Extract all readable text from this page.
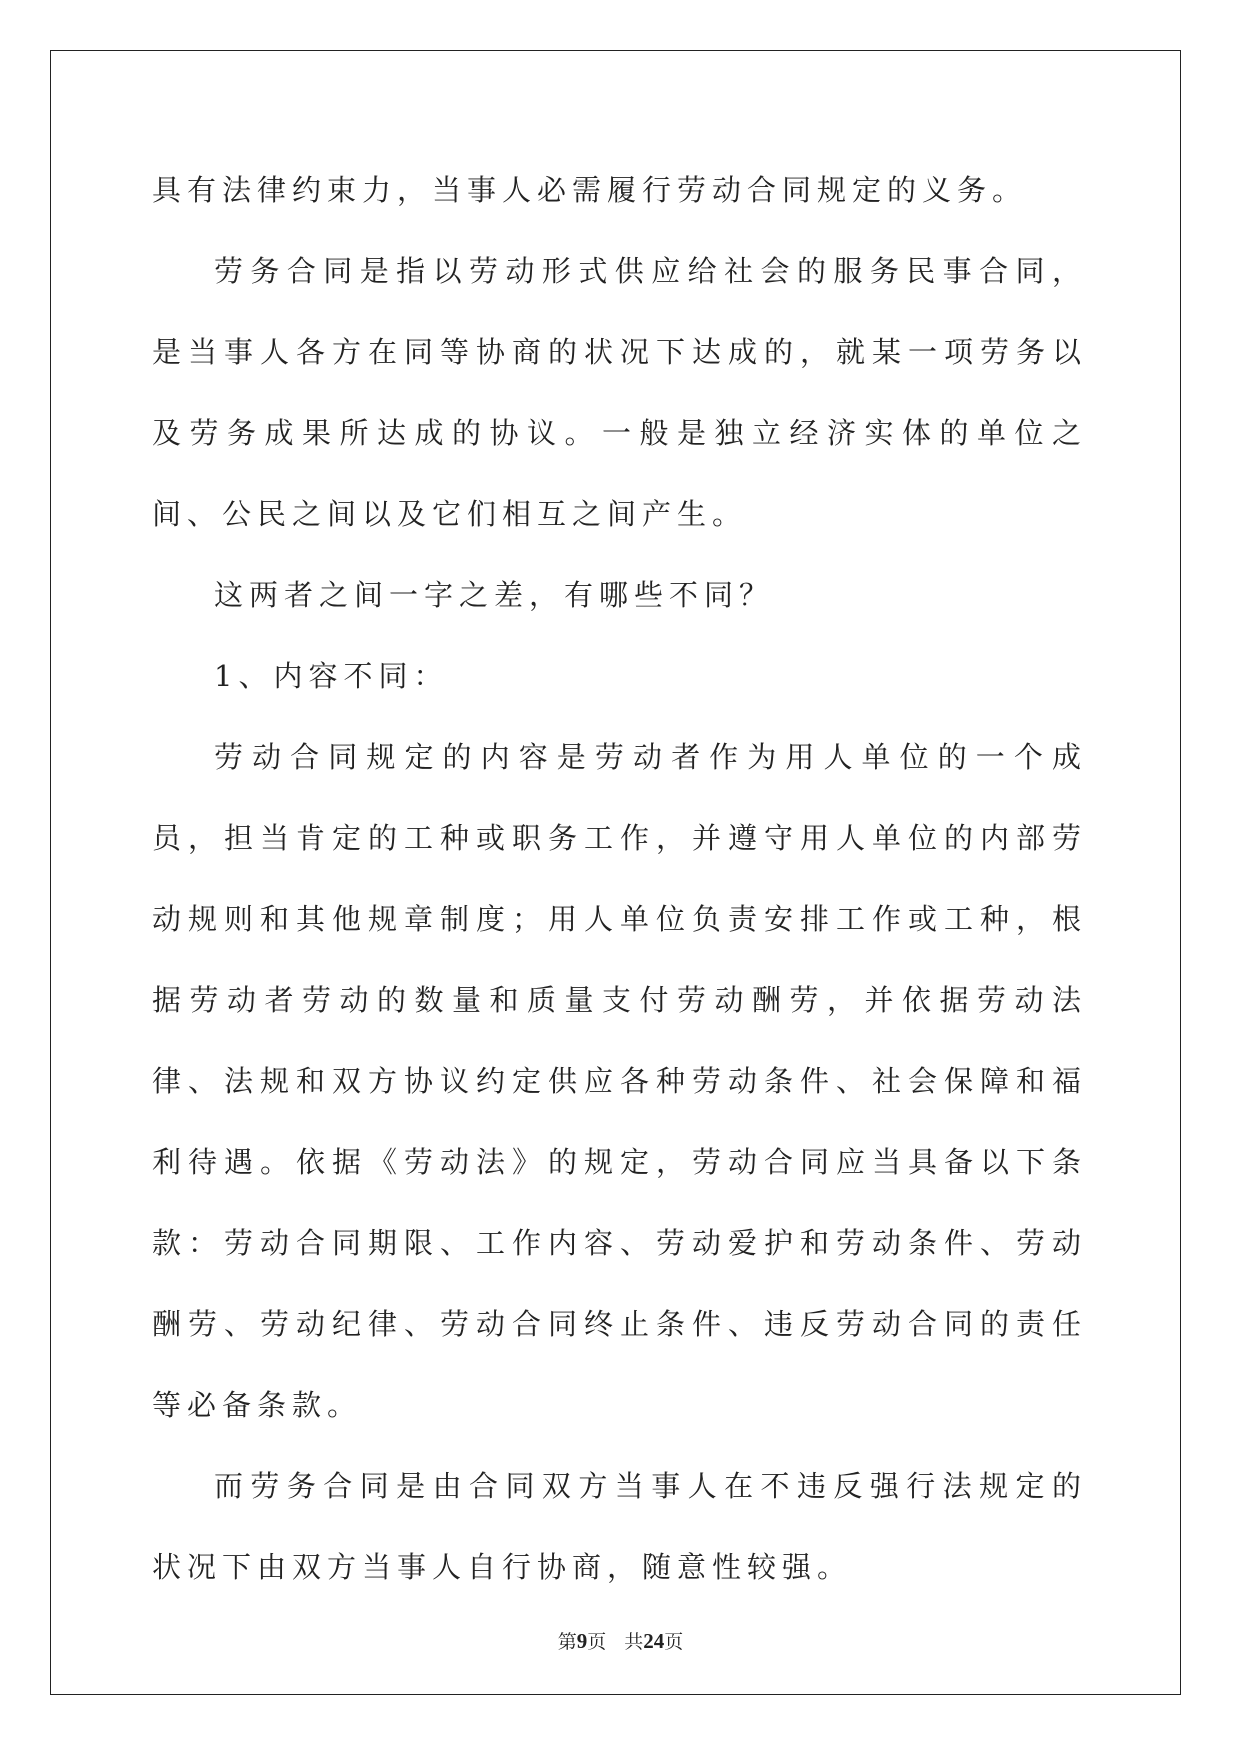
具有法律约束力，当事人必需履行劳动合同规定的义务。

劳务合同是指以劳动形式供应给社会的服务民事合同，是当事人各方在同等协商的状况下达成的，就某一项劳务以及劳务成果所达成的协议。一般是独立经济实体的单位之间、公民之间以及它们相互之间产生。

这两者之间一字之差，有哪些不同？

1、内容不同：

劳动合同规定的内容是劳动者作为用人单位的一个成员，担当肯定的工种或职务工作，并遵守用人单位的内部劳动规则和其他规章制度；用人单位负责安排工作或工种，根据劳动者劳动的数量和质量支付劳动酬劳，并依据劳动法律、法规和双方协议约定供应各种劳动条件、社会保障和福利待遇。依据《劳动法》的规定，劳动合同应当具备以下条款：劳动合同期限、工作内容、劳动爱护和劳动条件、劳动酬劳、劳动纪律、劳动合同终止条件、违反劳动合同的责任等必备条款。

而劳务合同是由合同双方当事人在不违反强行法规定的状况下由双方当事人自行协商，随意性较强。

第9页 共24页
